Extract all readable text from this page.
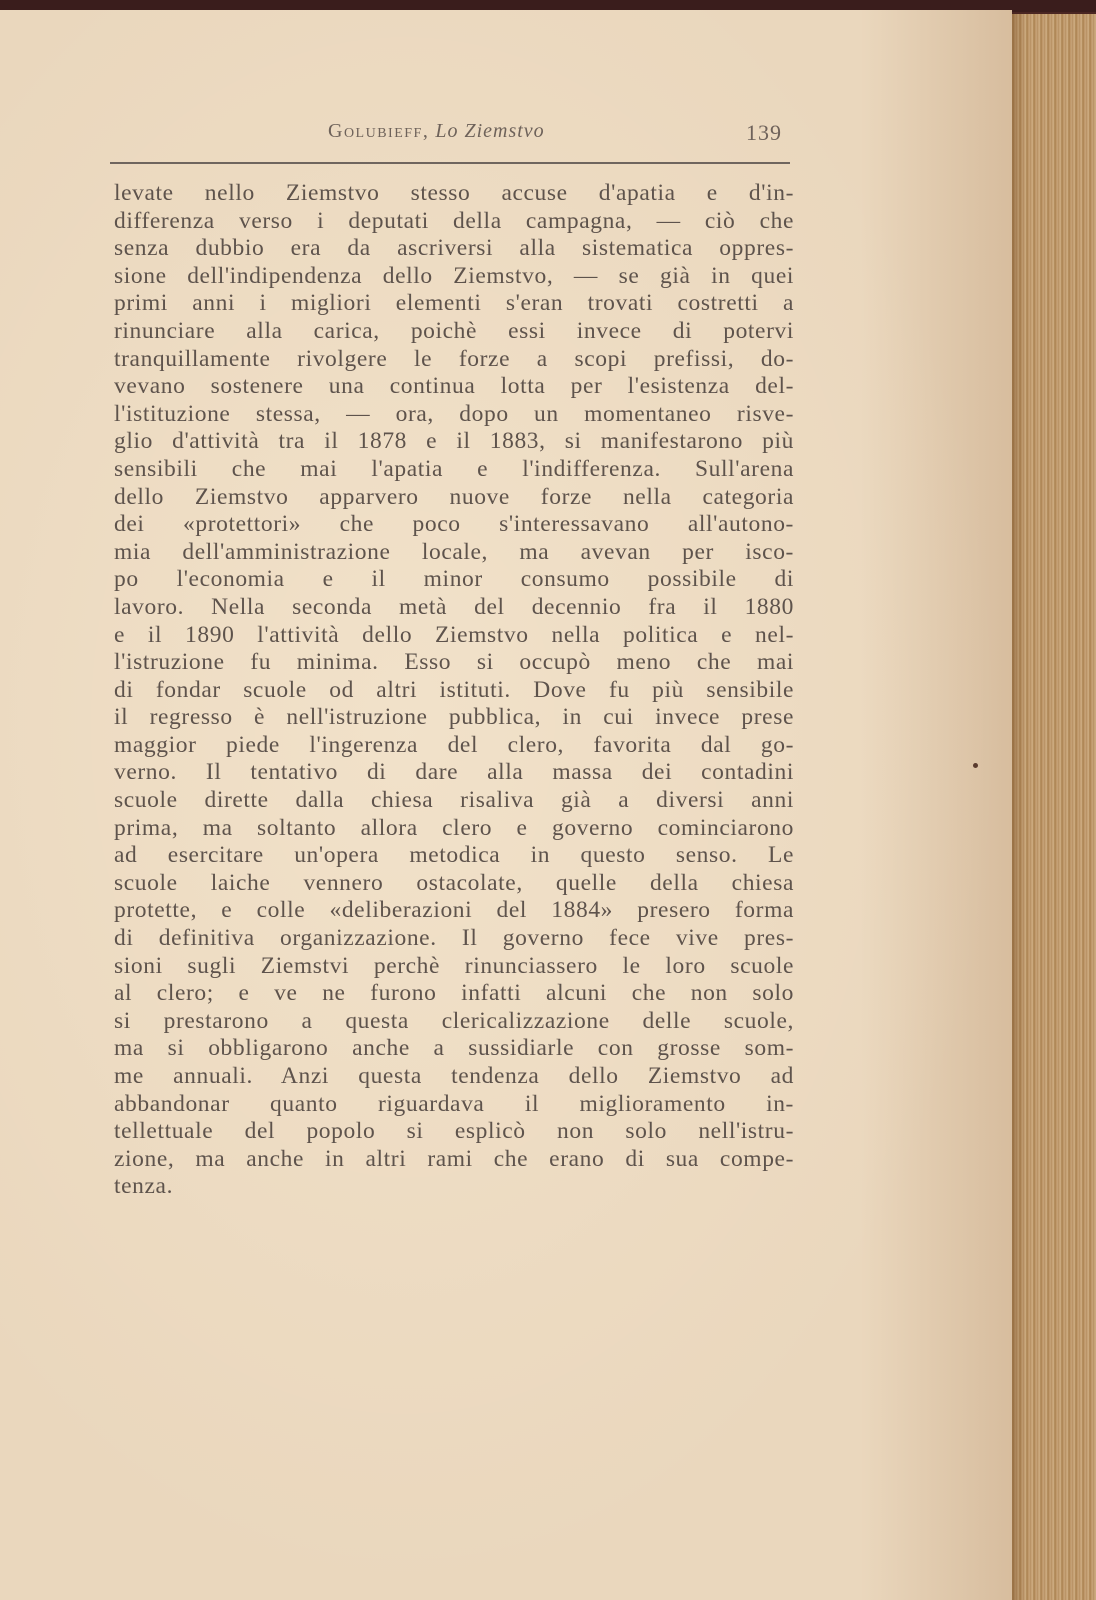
Golubieff, Lo Ziemstvo	139
levate nello Ziemstvo stesso accuse d'apatia e d'in-
differenza verso i deputati della campagna, — ciò che
senza dubbio era da ascriversi alla sistematica oppres-
sione dell'indipendenza dello Ziemstvo, — se già in quei
primi anni i migliori elementi s'eran trovati costretti a
rinunciare alla carica, poichè essi invece di potervi
tranquillamente rivolgere le forze a scopi prefissi, do-
vevano sostenere una continua lotta per l'esistenza del-
l'istituzione stessa, — ora, dopo un momentaneo risve-
glio d'attività tra il 1878 e il 1883, si manifestarono più
sensibili che mai l'apatia e l'indifferenza. Sull'arena
dello Ziemstvo apparvero nuove forze nella categoria
dei «protettori» che poco s'interessavano all'autono-
mia dell'amministrazione locale, ma avevan per isco-
po l'economia e il minor consumo possibile di
lavoro. Nella seconda metà del decennio fra il 1880
e il 1890 l'attività dello Ziemstvo nella politica e nel-
l'istruzione fu minima. Esso si occupò meno che mai
di fondar scuole od altri istituti. Dove fu più sensibile
il regresso è nell'istruzione pubblica, in cui invece prese
maggior piede l'ingerenza del clero, favorita dal go-
verno. Il tentativo di dare alla massa dei contadini
scuole dirette dalla chiesa risaliva già a diversi anni
prima, ma soltanto allora clero e governo cominciarono
ad esercitare un'opera metodica in questo senso. Le
scuole laiche vennero ostacolate, quelle della chiesa
protette, e colle «deliberazioni del 1884» presero forma
di definitiva organizzazione. Il governo fece vive pres-
sioni sugli Ziemstvi perchè rinunciassero le loro scuole
al clero; e ve ne furono infatti alcuni che non solo
si prestarono a questa clericalizzazione delle scuole,
ma si obbligarono anche a sussidiarle con grosse som-
me annuali. Anzi questa tendenza dello Ziemstvo ad
abbandonar quanto riguardava il miglioramento in-
tellettuale del popolo si esplicò non solo nell'istru-
zione, ma anche in altri rami che erano di sua compe-
tenza.
